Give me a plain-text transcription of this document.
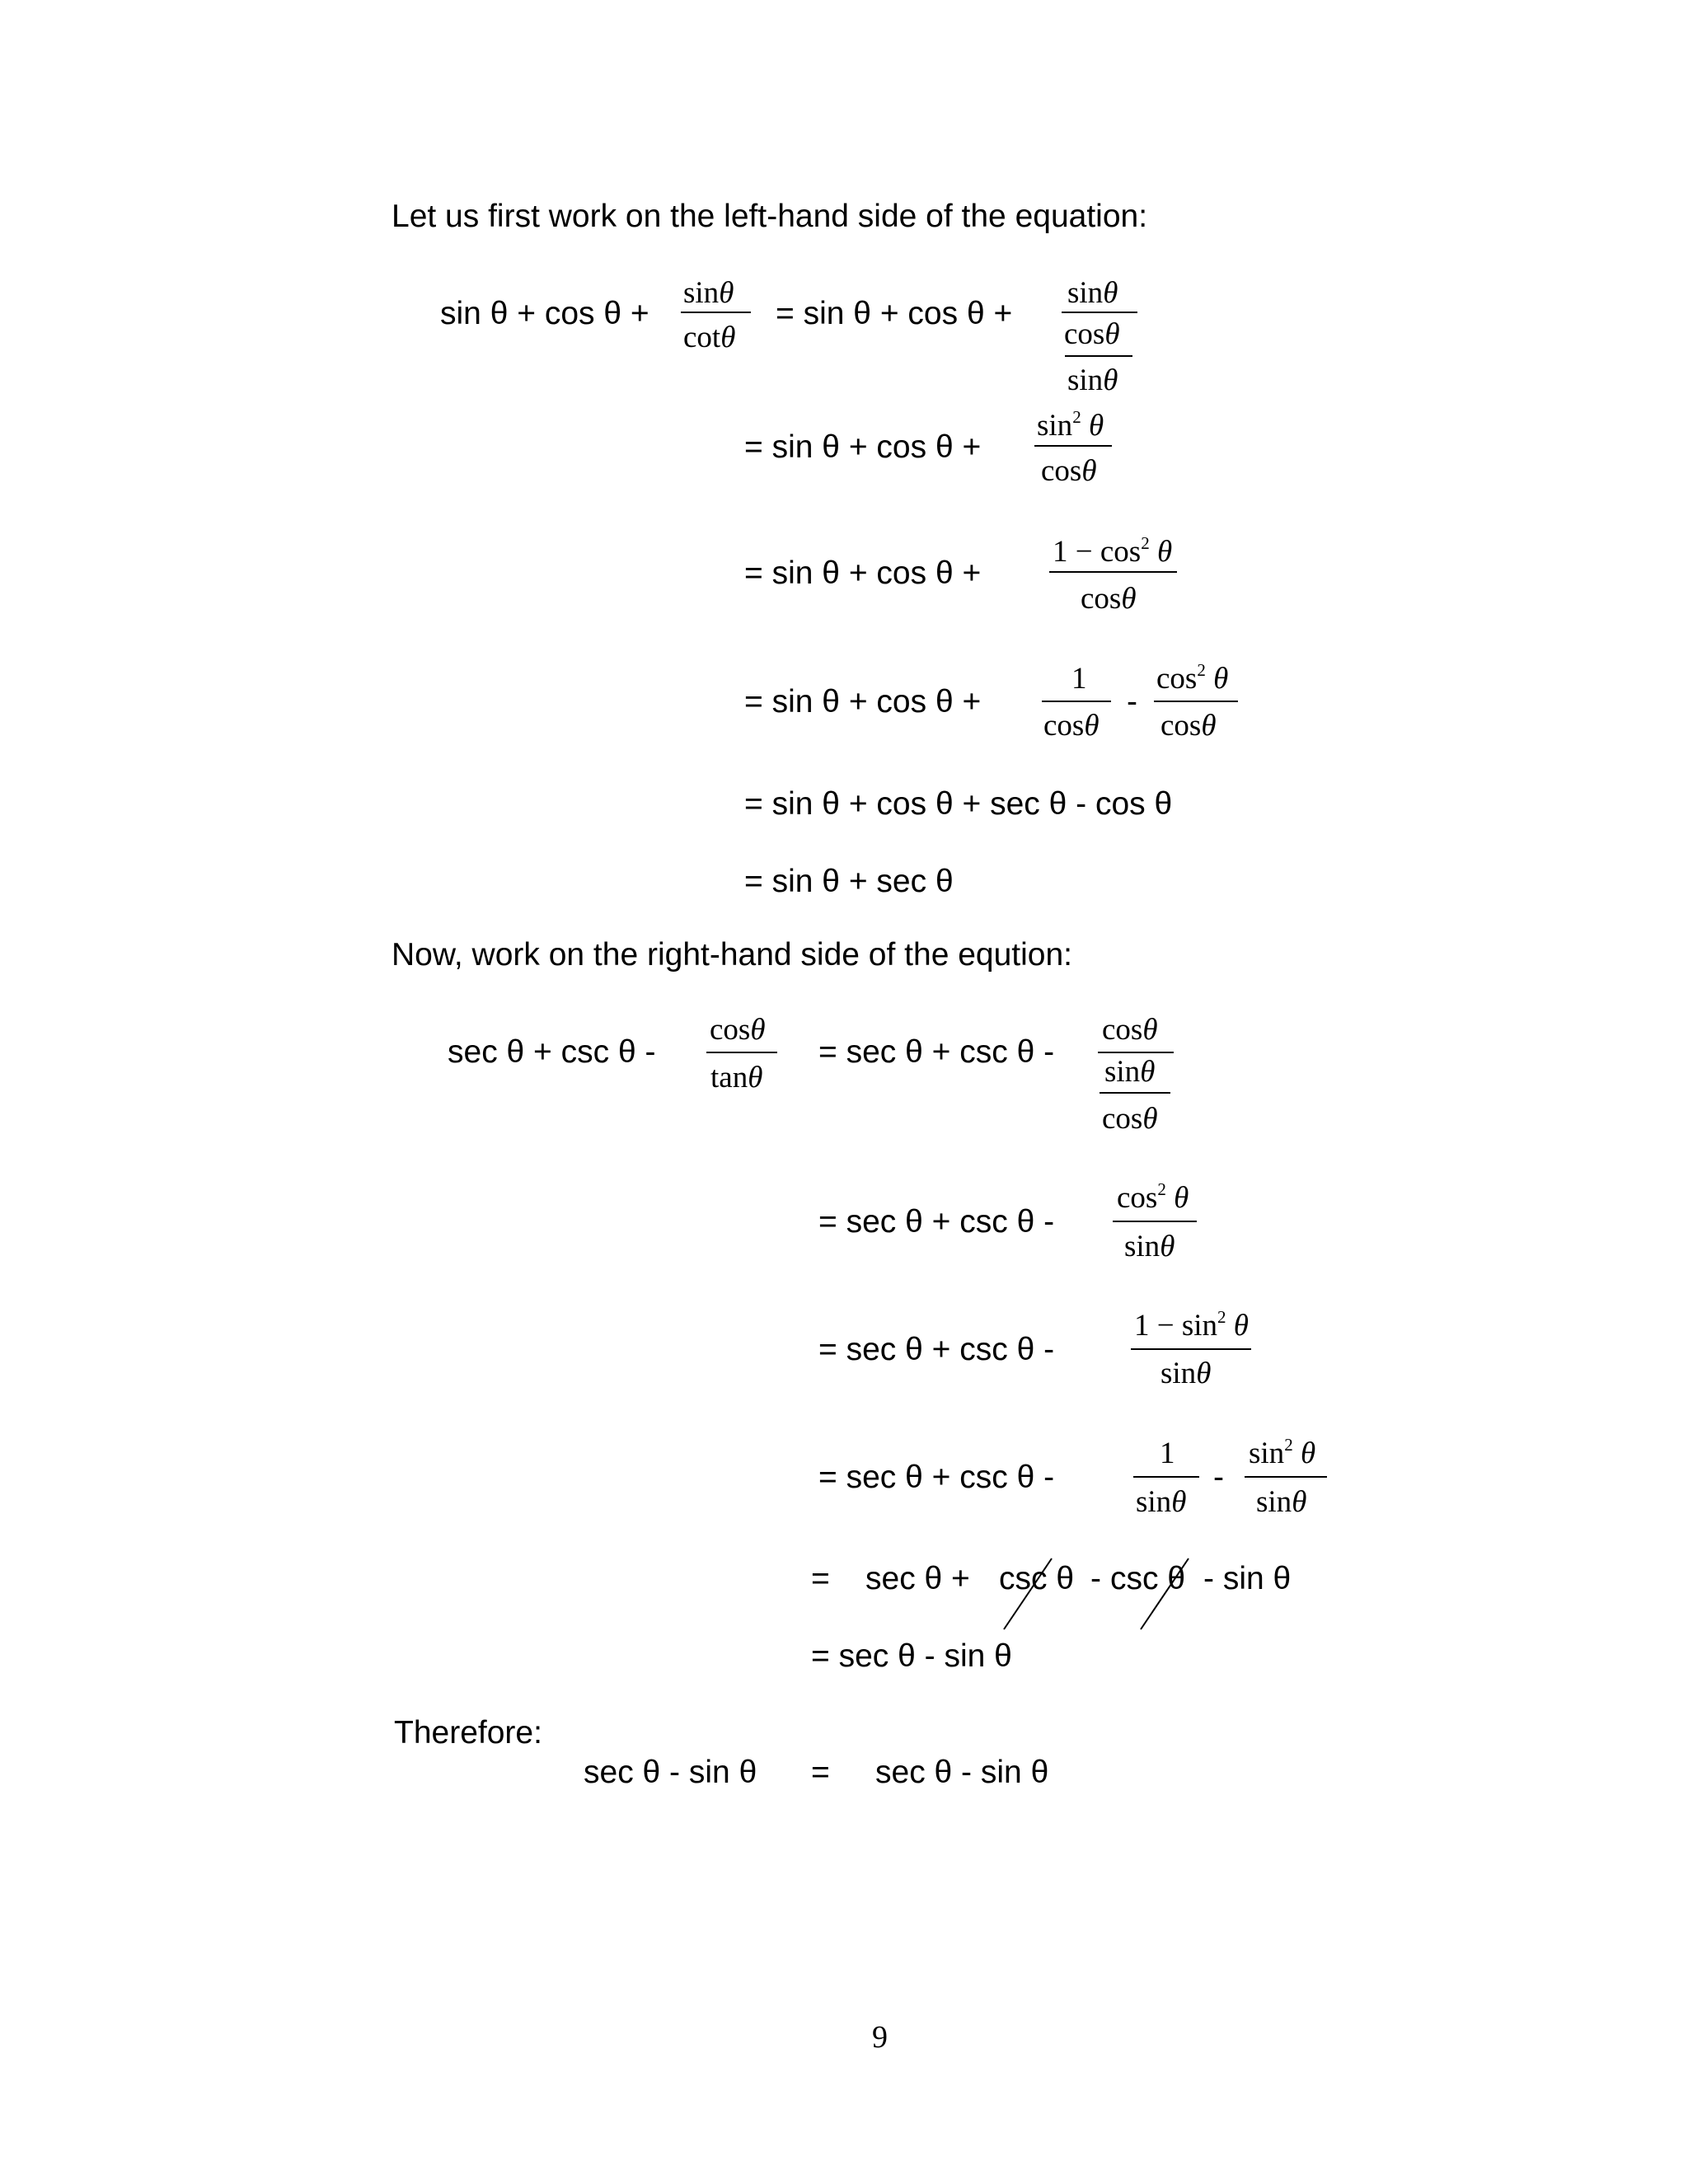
Let us first work on the left-hand side of the equation:
sin θ + cos θ +
sinθ
cotθ
= sin θ + cos θ +
sinθ
cosθ
sinθ
= sin θ + cos θ +
$\sin^2 \theta$
cosθ
= sin θ + cos θ +
$1 - \cos^2 \theta$
cosθ
= sin θ + cos θ +
1
cosθ
-
$\cos^2 \theta$
cosθ
= sin θ + cos θ + sec θ - cos θ
= sin θ + sec θ
Now, work on the right-hand side of the eqution:
sec θ + csc θ -
cosθ
tanθ
= sec θ + csc θ -
cosθ
sinθ
cosθ
= sec θ + csc θ -
$\cos^2 \theta$
sinθ
= sec θ + csc θ -
$1 - \sin^2 \theta$
sinθ
= sec θ + csc θ -
1
sinθ
-
$\sin^2 \theta$
sinθ
= sec θ + csc θ - csc θ - sin θ
= sec θ - sin θ
Therefore:
sec θ - sin θ = sec θ - sin θ
9
